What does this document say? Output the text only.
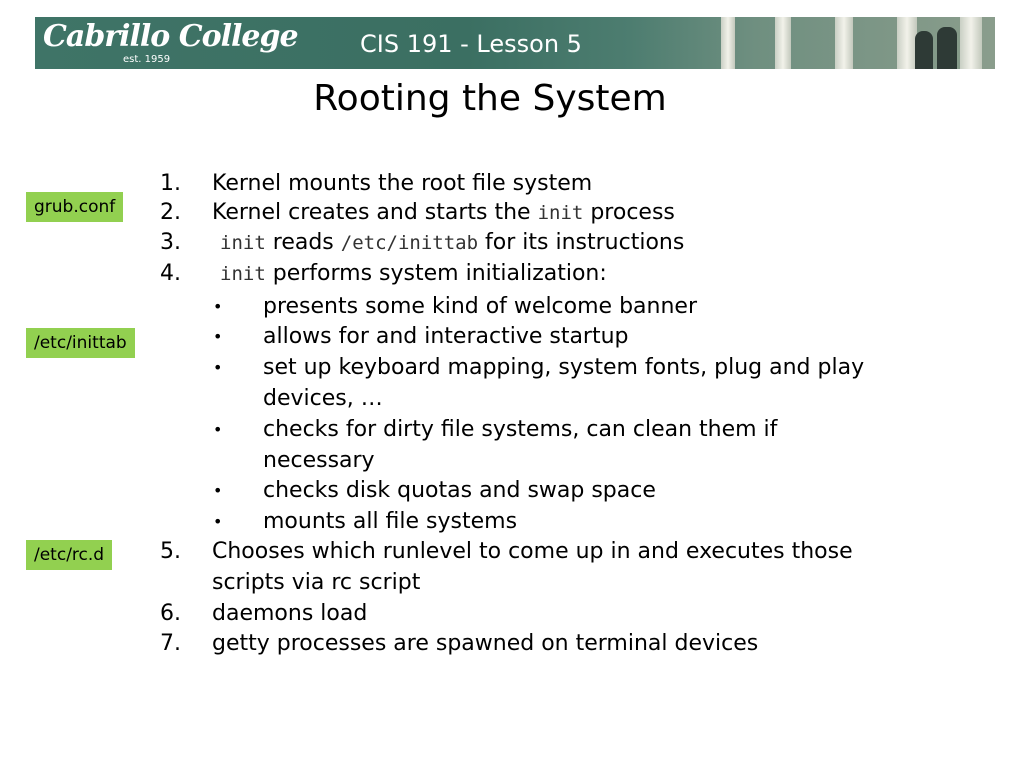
Cabrillo College
est. 1959
CIS 191 - Lesson 5
Rooting the System
grub.conf
/etc/inittab
/etc/rc.d
1. Kernel mounts the root file system
2. Kernel creates and starts the init process
3. init reads /etc/inittab for its instructions
4. init performs system initialization:
• presents some kind of welcome banner
• allows for and interactive startup
• set up keyboard mapping, system fonts, plug and play
devices, …
• checks for dirty file systems, can clean them if
necessary
• checks disk quotas and swap space
• mounts all file systems
5. Chooses which runlevel to come up in and executes those
scripts via rc script
6. daemons load
7. getty processes are spawned on terminal devices
